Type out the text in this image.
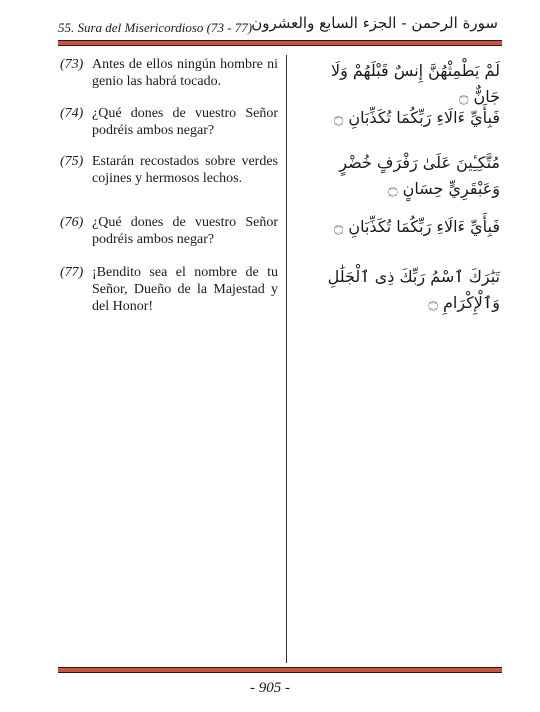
55. Sura del Misericordioso (73 - 77) سورة الرحمن - الجزء السابع والعشرون
(73) Antes de ellos ningún hombre ni genio las habrá tocado.
لَمْ يَطْمِثْهُنَّ إِنسٌ قَبْلَهُمْ وَلَا جَانٌّ ۝
(74) ¿Qué dones de vuestro Señor podréis ambos negar?
فَبِأَيِّ ءَالَاءِ رَبِّكُمَا تُكَذِّبَانِ ۝
(75) Estarán recostados sobre verdes cojines y hermosos lechos.
مُتَّكِـِٔينَ عَلَىٰ رَفْرَفٍ خُضْرٍ وَعَبْقَرِيٍّ حِسَانٍ ۝
(76) ¿Qué dones de vuestro Señor podréis ambos negar?
فَبِأَيِّ ءَالَاءِ رَبِّكُمَا تُكَذِّبَانِ ۝
(77) ¡Bendito sea el nombre de tu Señor, Dueño de la Majestad y del Honor!
تَبَٰرَكَ ٱسْمُ رَبِّكَ ذِى ٱلْجَلَٰلِ وَٱلْإِكْرَامِ ۝
- 905 -
